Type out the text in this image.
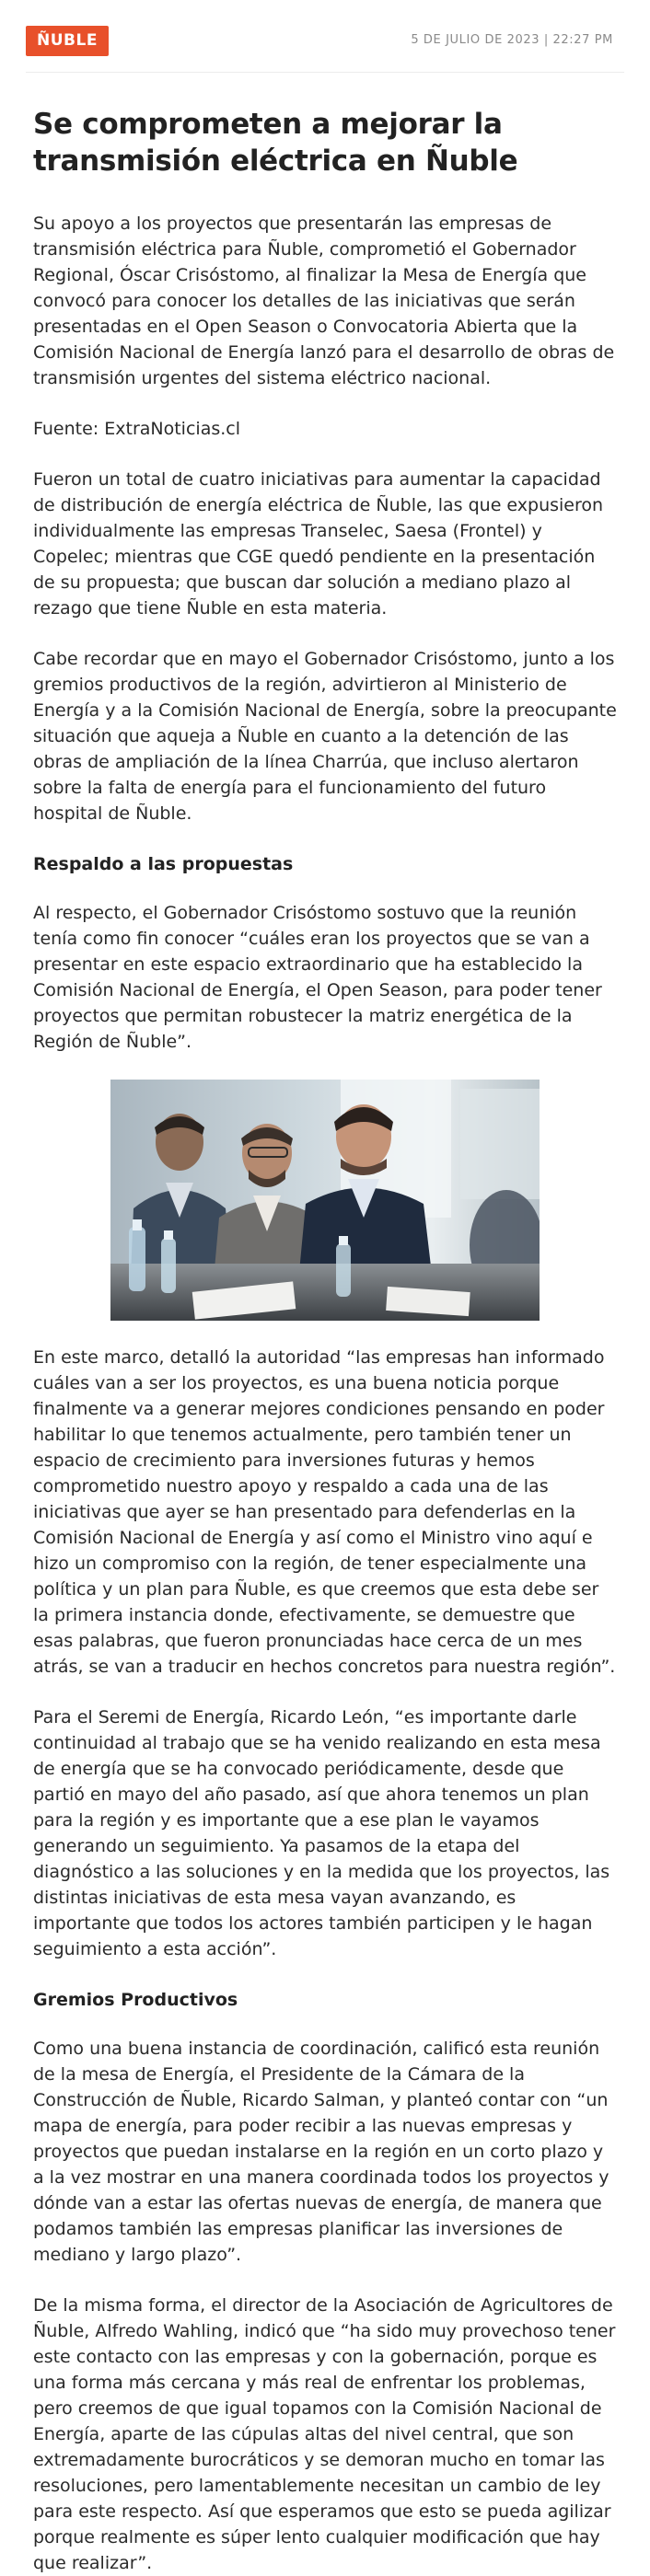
ÑUBLE	5 DE JULIO DE 2023 | 22:27 PM
Se comprometen a mejorar la transmisión eléctrica en Ñuble

Su apoyo a los proyectos que presentarán las empresas de transmisión eléctrica para Ñuble, comprometió el Gobernador Regional, Óscar Crisóstomo, al finalizar la Mesa de Energía que convocó para conocer los detalles de las iniciativas que serán presentadas en el Open Season o Convocatoria Abierta que la Comisión Nacional de Energía lanzó para el desarrollo de obras de transmisión urgentes del sistema eléctrico nacional.

Fuente: ExtraNoticias.cl

Fueron un total de cuatro iniciativas para aumentar la capacidad de distribución de energía eléctrica de Ñuble, las que expusieron individualmente las empresas Transelec, Saesa (Frontel) y Copelec; mientras que CGE quedó pendiente en la presentación de su propuesta; que buscan dar solución a mediano plazo al rezago que tiene Ñuble en esta materia.

Cabe recordar que en mayo el Gobernador Crisóstomo, junto a los gremios productivos de la región, advirtieron al Ministerio de Energía y a la Comisión Nacional de Energía, sobre la preocupante situación que aqueja a Ñuble en cuanto a la detención de las obras de ampliación de la línea Charrúa, que incluso alertaron sobre la falta de energía para el funcionamiento del futuro hospital de Ñuble.

Respaldo a las propuestas

Al respecto, el Gobernador Crisóstomo sostuvo que la reunión tenía como fin conocer “cuáles eran los proyectos que se van a presentar en este espacio extraordinario que ha establecido la Comisión Nacional de Energía, el Open Season, para poder tener proyectos que permitan robustecer la matriz energética de la Región de Ñuble”.

En este marco, detalló la autoridad “las empresas han informado cuáles van a ser los proyectos, es una buena noticia porque finalmente va a generar mejores condiciones pensando en poder habilitar lo que tenemos actualmente, pero también tener un espacio de crecimiento para inversiones futuras y hemos comprometido nuestro apoyo y respaldo a cada una de las iniciativas que ayer se han presentado para defenderlas en la Comisión Nacional de Energía y así como el Ministro vino aquí e hizo un compromiso con la región, de tener especialmente una política y un plan para Ñuble, es que creemos que esta debe ser la primera instancia donde, efectivamente, se demuestre que esas palabras, que fueron pronunciadas hace cerca de un mes atrás, se van a traducir en hechos concretos para nuestra región”.

Para el Seremi de Energía, Ricardo León, “es importante darle continuidad al trabajo que se ha venido realizando en esta mesa de energía que se ha convocado periódicamente, desde que partió en mayo del año pasado, así que ahora tenemos un plan para la región y es importante que a ese plan le vayamos generando un seguimiento. Ya pasamos de la etapa del diagnóstico a las soluciones y en la medida que los proyectos, las distintas iniciativas de esta mesa vayan avanzando, es importante que todos los actores también participen y le hagan seguimiento a esta acción”.

Gremios Productivos

Como una buena instancia de coordinación, calificó esta reunión de la mesa de Energía, el Presidente de la Cámara de la Construcción de Ñuble, Ricardo Salman, y planteó contar con “un mapa de energía, para poder recibir a las nuevas empresas y proyectos que puedan instalarse en la región en un corto plazo y a la vez mostrar en una manera coordinada todos los proyectos y dónde van a estar las ofertas nuevas de energía, de manera que podamos también las empresas planificar las inversiones de mediano y largo plazo”.

De la misma forma, el director de la Asociación de Agricultores de Ñuble, Alfredo Wahling, indicó que “ha sido muy provechoso tener este contacto con las empresas y con la gobernación, porque es una forma más cercana y más real de enfrentar los problemas, pero creemos de que igual topamos con la Comisión Nacional de Energía, aparte de las cúpulas altas del nivel central, que son extremadamente burocráticos y se demoran mucho en tomar las resoluciones, pero lamentablemente necesitan un cambio de ley para este respecto. Así que esperamos que esto se pueda agilizar porque realmente es súper lento cualquier modificación que hay que realizar”.
